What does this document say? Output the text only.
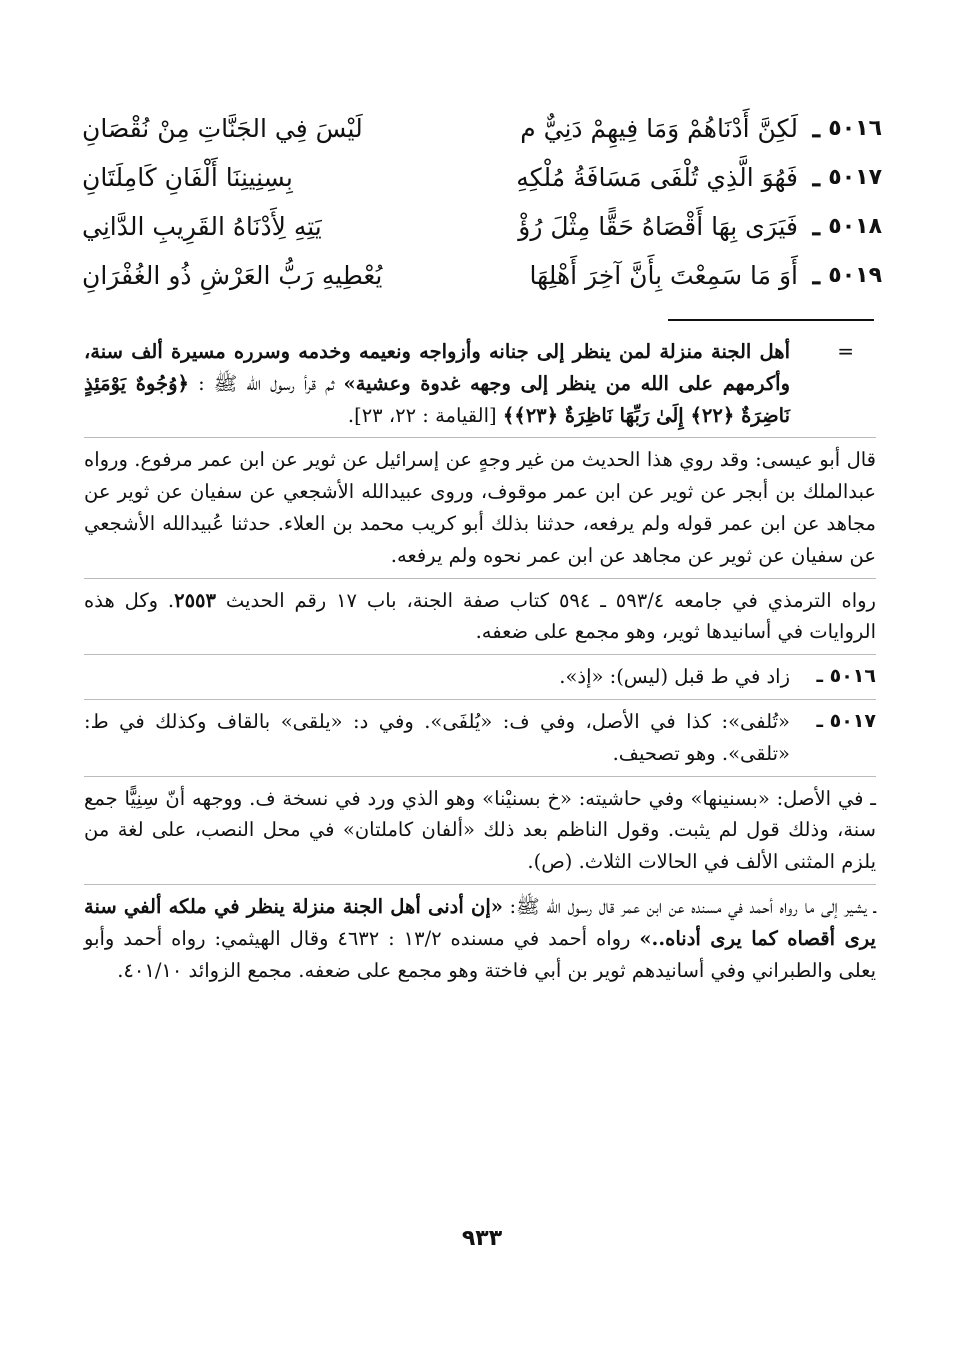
٥٠١٦
ـ
لَكِنَّ أَدْنَاهُمْ وَمَا فِيهِمْ دَنِيٌّ م
لَيْسَ فِي الجَنَّاتِ مِنْ نُقْصَانِ
٥٠١٧
ـ
فَهُوَ الَّذِي تُلْفَى مَسَافَةُ مُلْكِهِ
بِسِنِينِنَا أَلْفَانِ كَامِلَتَانِ
٥٠١٨
ـ
فَيَرَى بِهَا أَقْصَاهُ حَقًّا مِثْلَ رُؤْ
يَتِهِ لِأَدْنَاهُ القَرِيبِ الدَّانِي
٥٠١٩
ـ
أَوَ مَا سَمِعْتَ بِأَنَّ آخِرَ أَهْلِهَا
يُعْطِيهِ رَبُّ العَرْشِ ذُو الغُفْرَانِ
=
أهل الجنة منزلة لمن ينظر إلى جنانه وأزواجه ونعيمه وخدمه وسرره مسيرة ألف سنة، وأكرمهم على الله من ينظر إلى وجهه غدوة وعشية» ثم قرأ رسول الله ﷺ : ﴿وُجُوهٌ يَوْمَئِذٍ نَاضِرَةٌ ﴿٢٢﴾ إِلَىٰ رَبِّهَا نَاظِرَةٌ ﴿٢٣﴾﴾ [القيامة : ٢٢، ٢٣].
قال أبو عيسى: وقد روي هذا الحديث من غير وجهٍ عن إسرائيل عن ثوير عن ابن عمر مرفوع. ورواه عبدالملك بن أبجر عن ثوير عن ابن عمر موقوف، وروى عبيدالله الأشجعي عن سفيان عن ثوير عن مجاهد عن ابن عمر قوله ولم يرفعه، حدثنا بذلك أبو كريب محمد بن العلاء. حدثنا عُبيدالله الأشجعي عن سفيان عن ثوير عن مجاهد عن ابن عمر نحوه ولم يرفعه.
رواه الترمذي في جامعه ٥٩٣/٤ ـ ٥٩٤ كتاب صفة الجنة، باب ١٧ رقم الحديث ٢٥٥٣. وكل هذه الروايات في أسانيدها ثوير، وهو مجمع على ضعفه.
٥٠١٦ ـ
زاد في ط قبل (ليس): «إذ».
٥٠١٧ ـ
«تُلفى»: كذا في الأصل، وفي ف: «يُلفَى». وفي د: «يلقى» بالقاف وكذلك في ط: «تلقى». وهو تصحيف.
ـ في الأصل: «بسنينها» وفي حاشيته: «خ بسنيْنا» وهو الذي ورد في نسخة ف. ووجهه أنّ سِنِيًّا جمع سنة، وذلك قول لم يثبت. وقول الناظم بعد ذلك «ألفان كاملتان» في محل النصب، على لغة من يلزم المثنى الألف في الحالات الثلاث. (ص).
ـ يشير إلى ما رواه أحمد في مسنده عن ابن عمر قال رسول الله ﷺ: «إن أدنى أهل الجنة منزلة ينظر في ملكه ألفي سنة يرى أقصاه كما يرى أدناه..» رواه أحمد في مسنده ١٣/٢ : ٤٦٣٢ وقال الهيثمي: رواه أحمد وأبو يعلى والطبراني وفي أسانيدهم ثوير بن أبي فاختة وهو مجمع على ضعفه. مجمع الزوائد ٤٠١/١٠.
٩٣٣
